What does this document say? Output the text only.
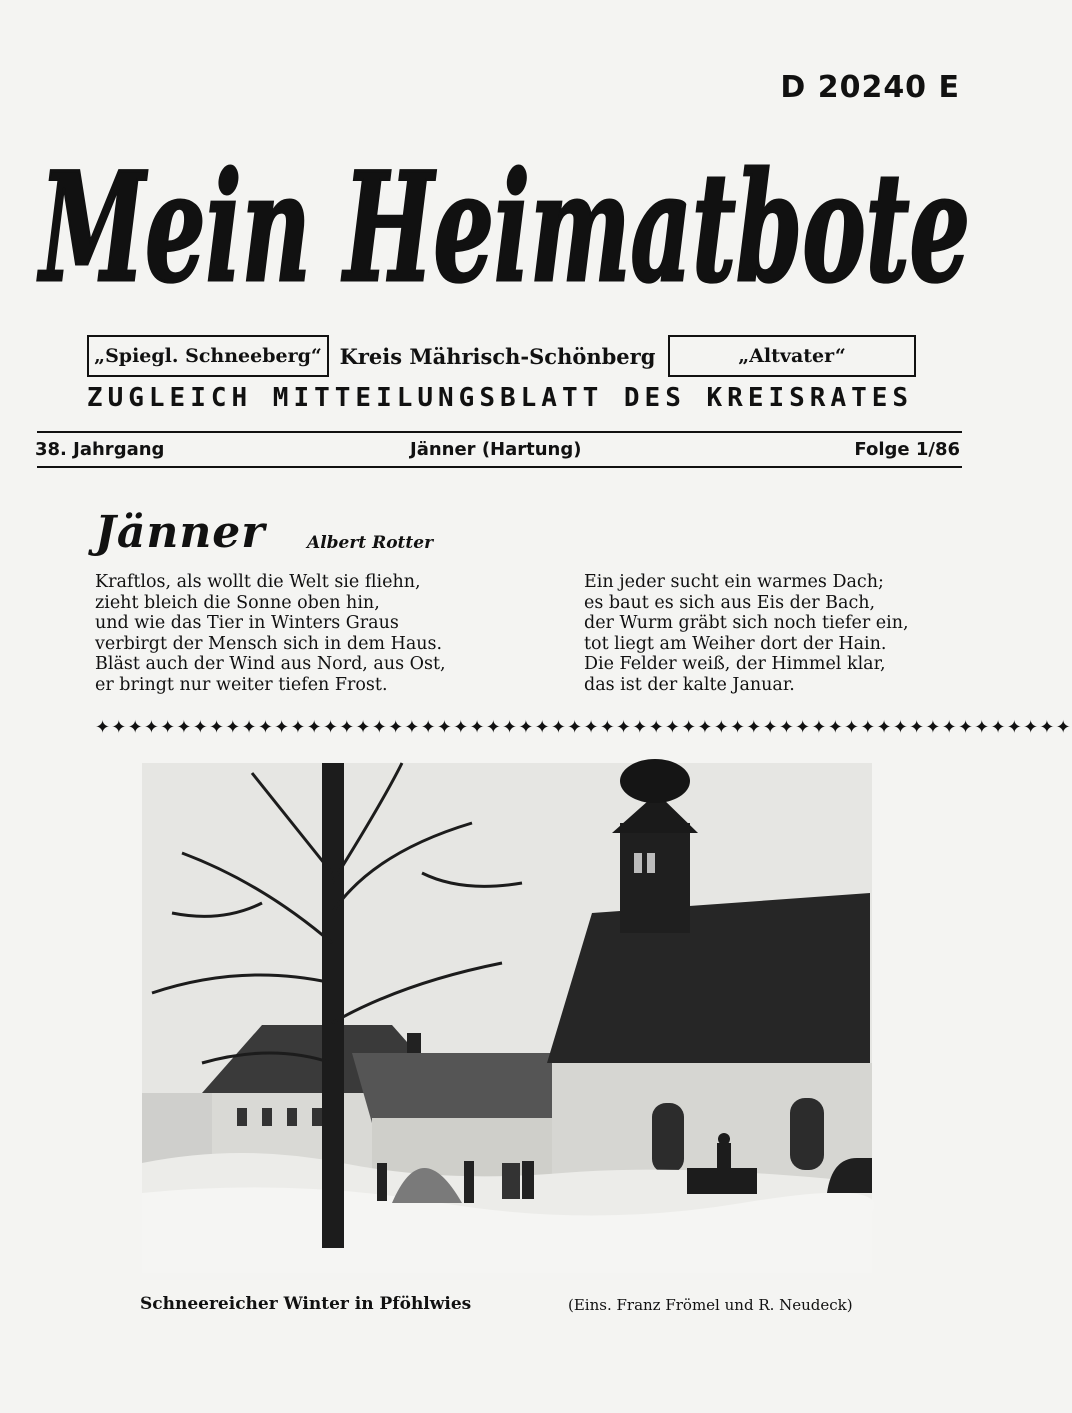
D 20240 E
Mein Heimatbote
„Spiegl. Schneeberg“ Kreis Mährisch-Schönberg	„Altvater“
ZUGLEICH MITTEILUNGSBLATT DES KREISRATES
38. Jahrgang	Jänner (Hartung)	Folge 1/86
Jänner Albert Rotter
Kraftlos, als wollt die Welt sie fliehn,
zieht bleich die Sonne oben hin,
und wie das Tier in Winters Graus
verbirgt der Mensch sich in dem Haus.
Bläst auch der Wind aus Nord, aus Ost,
er bringt nur weiter tiefen Frost.
Ein jeder sucht ein warmes Dach;
es baut es sich aus Eis der Bach,
der Wurm gräbt sich noch tiefer ein,
tot liegt am Weiher dort der Hain.
Die Felder weiß, der Himmel klar,
das ist der kalte Januar.
✦✦✦✦✦✦✦✦✦✦✦✦✦✦✦✦✦✦✦✦✦✦✦✦✦✦✦✦✦✦✦✦✦✦✦✦✦✦✦✦✦✦✦✦✦✦✦✦✦✦✦✦✦✦✦✦✦✦✦✦
Schneereicher Winter in Pföhlwies	(Eins. Franz Frömel und R. Neudeck)
